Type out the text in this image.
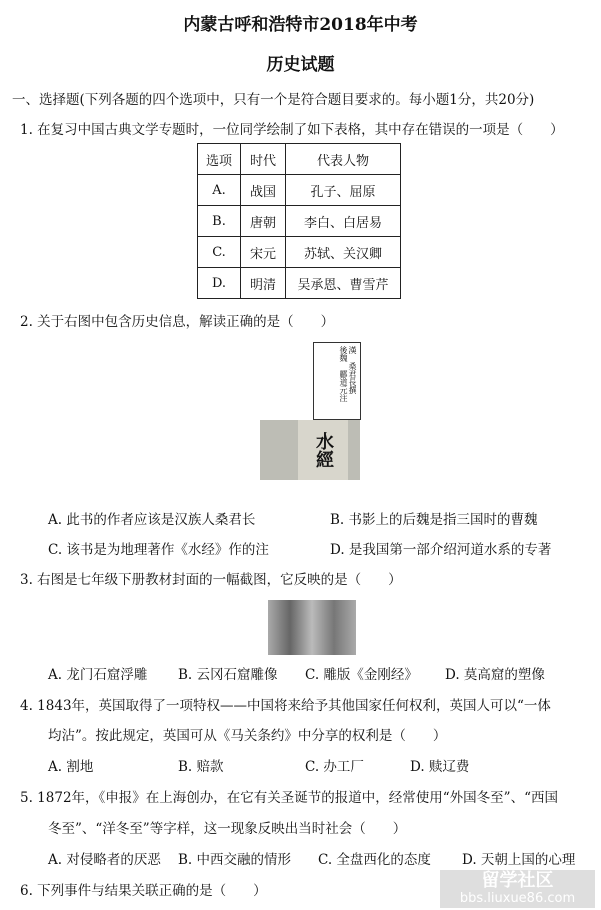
内蒙古呼和浩特市2018年中考
历史试题
一、选择题(下列各题的四个选项中，只有一个是符合题目要求的。每小题1分，共20分)
1. 在复习中国古典文学专题时，一位同学绘制了如下表格，其中存在错误的一项是（　　）
选项	时代	代表人物
A.	战国	孔子、屈原
B.	唐朝	李白、白居易
C.	宋元	苏轼、关汉卿
D.	明清	吴承恩、曹雪芹
2. 关于右图中包含历史信息，解读正确的是（　　）
漢　桑君長撰
後魏　酈道元注
水經
A. 此书的作者应该是汉族人桑君长	B. 书影上的后魏是指三国时的曹魏
C. 该书是为地理著作《水经》作的注	D. 是我国第一部介绍河道水系的专著
3. 右图是七年级下册教材封面的一幅截图，它反映的是（　　）
A. 龙门石窟浮雕 B. 云冈石窟雕像 C. 雕版《金刚经》 D. 莫高窟的塑像
4. 1843年，英国取得了一项特权——中国将来给予其他国家任何权利，英国人可以“一体
均沾”。按此规定，英国可从《马关条约》中分享的权利是（　　）
A. 割地	B. 赔款	C. 办工厂	D. 赎辽费
5. 1872年，《申报》在上海创办，在它有关圣诞节的报道中，经常使用“外国冬至”、“西国
冬至”、“洋冬至”等字样，这一现象反映出当时社会（　　）
A. 对侵略者的厌恶 B. 中西交融的情形 C. 全盘西化的态度 D. 天朝上国的心理
6. 下列事件与结果关联正确的是（　　）	留学社区
bbs.liuxue86.com
